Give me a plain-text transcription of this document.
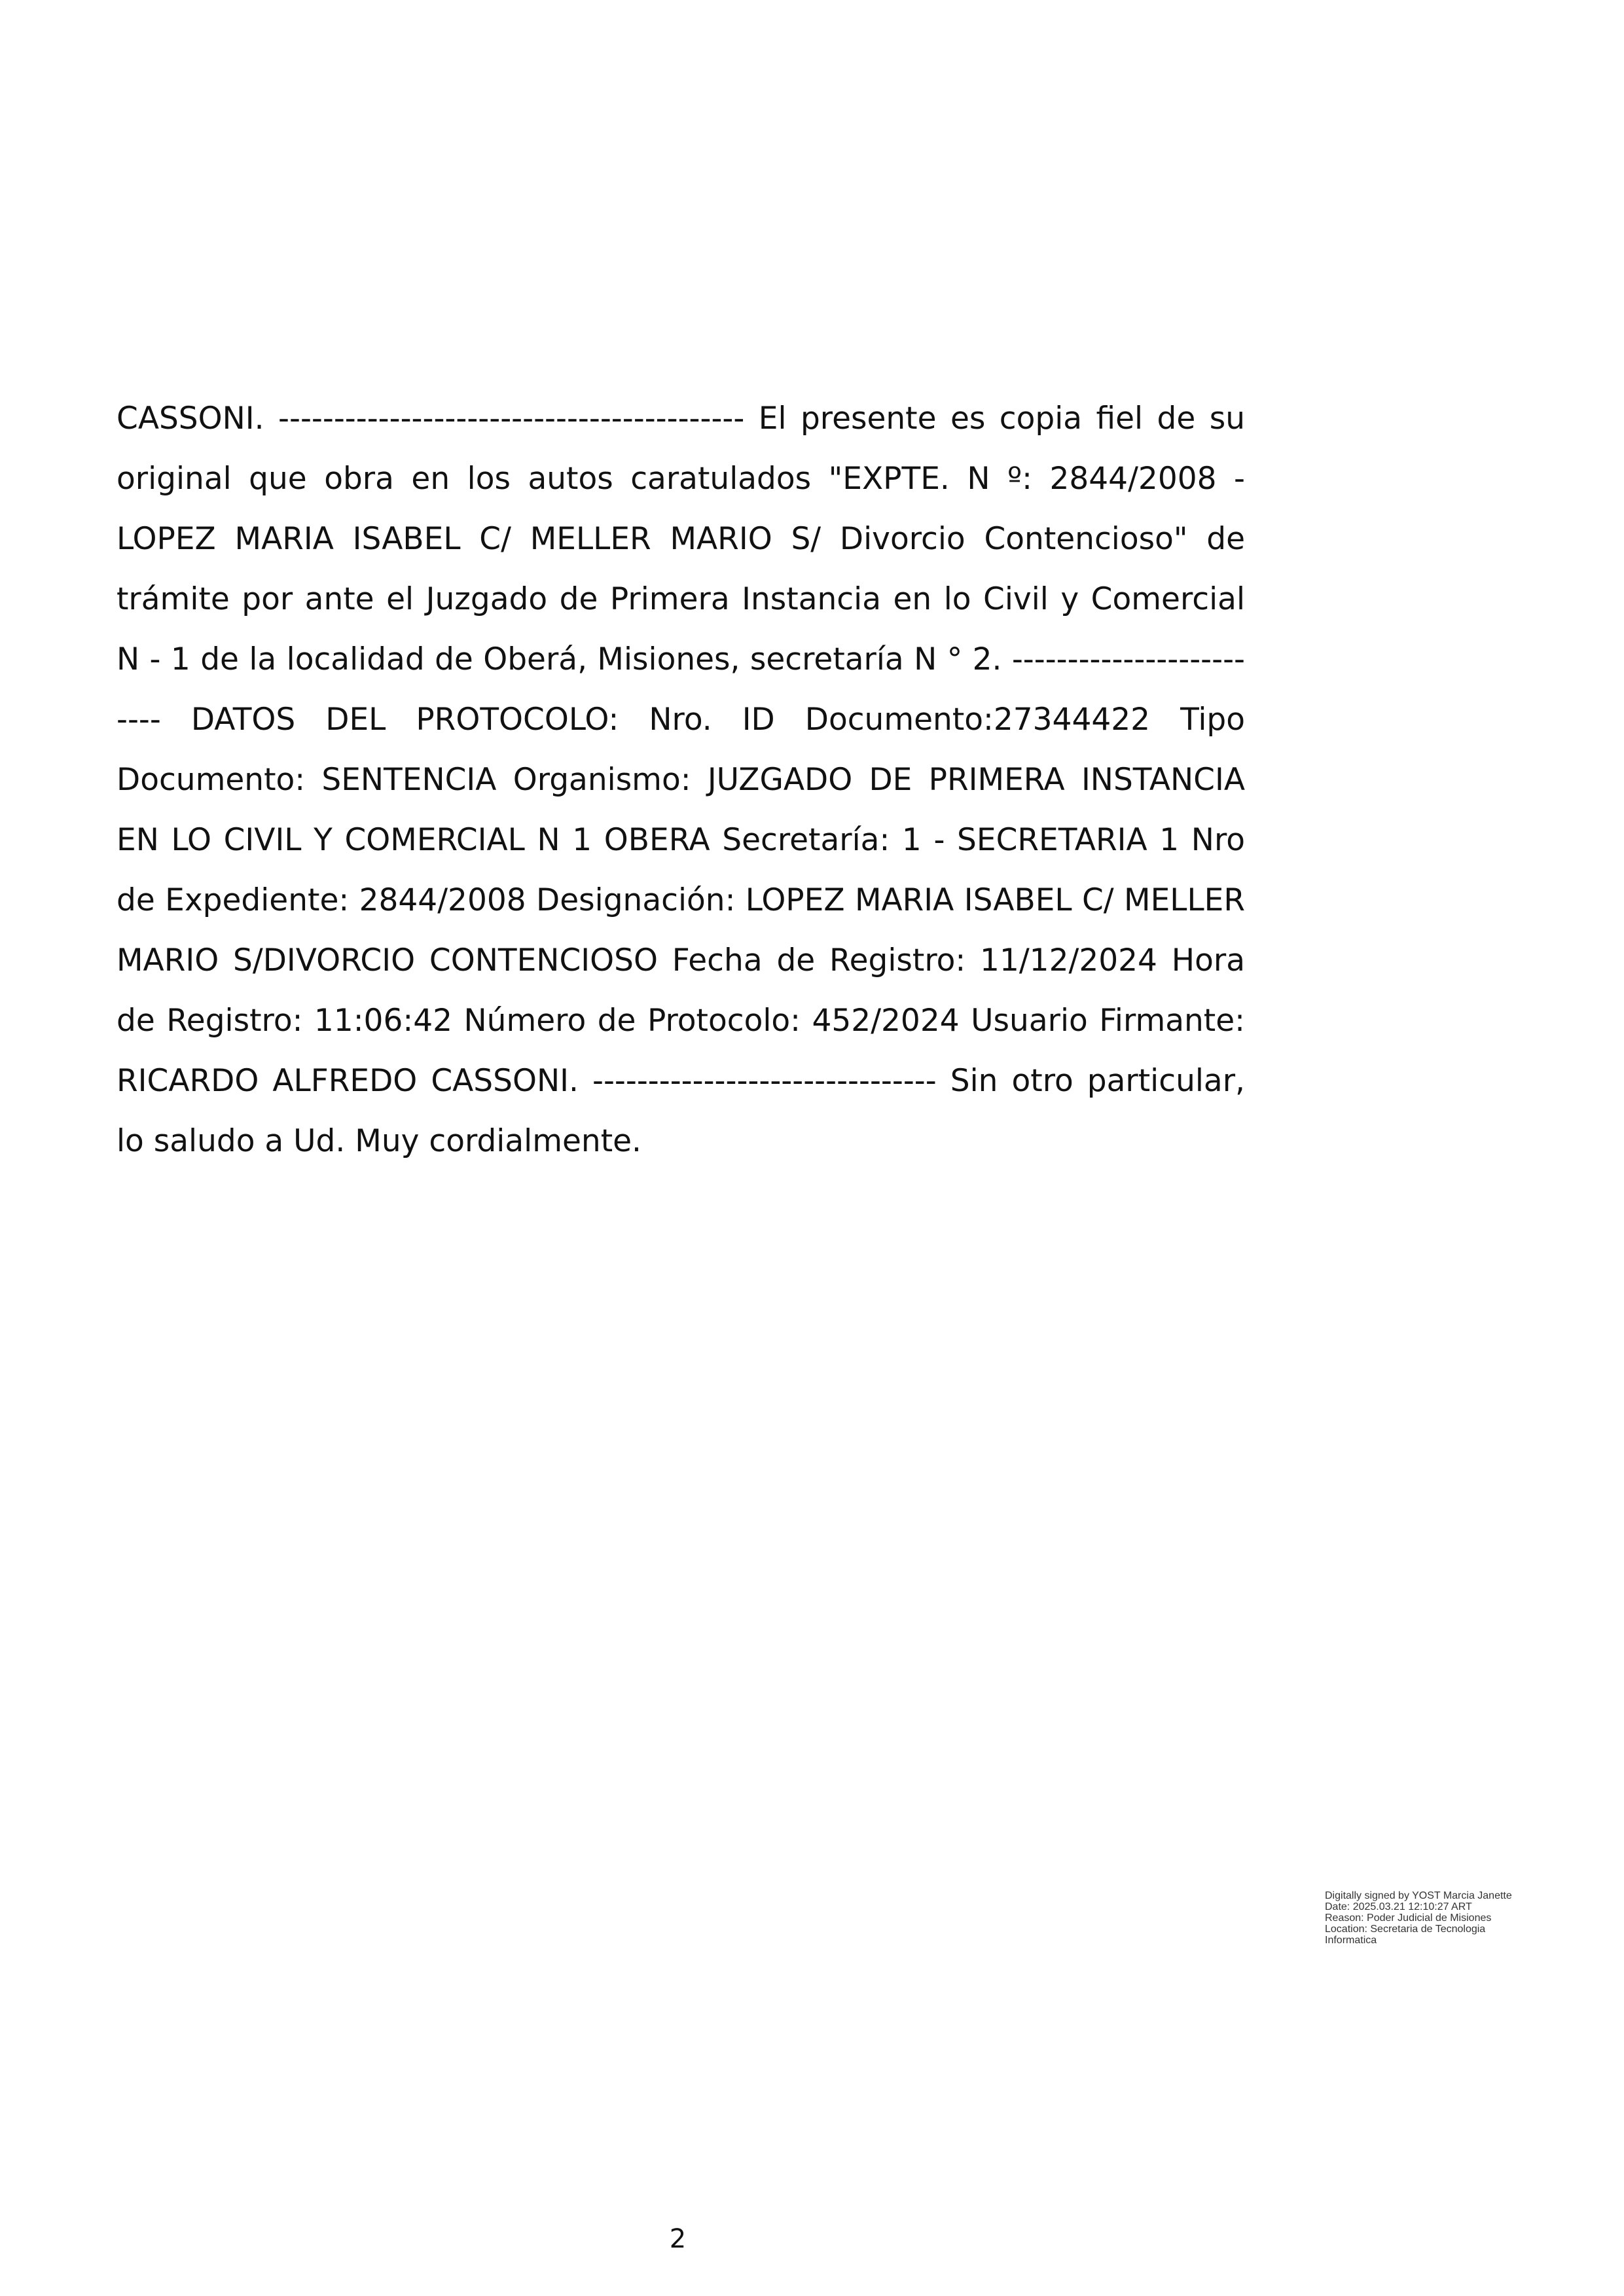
CASSONI. ------------------------------------------ El presente es copia fiel de su original que obra en los autos caratulados "EXPTE. N º: 2844/2008 - LOPEZ MARIA ISABEL C/ MELLER MARIO S/ Divorcio Contencioso" de trámite por ante el Juzgado de Primera Instancia en lo Civil y Comercial N - 1 de la localidad de Oberá, Misiones, secretaría N ° 2. ------------------------- DATOS DEL PROTOCOLO: Nro. ID Documento:27344422 Tipo Documento: SENTENCIA Organismo: JUZGADO DE PRIMERA INSTANCIA EN LO CIVIL Y COMERCIAL N 1 OBERA Secretaría: 1 - SECRETARIA 1 Nro de Expediente: 2844/2008 Designación: LOPEZ MARIA ISABEL C/ MELLER MARIO S/DIVORCIO CONTENCIOSO Fecha de Registro: 11/12/2024 Hora de Registro: 11:06:42 Número de Protocolo: 452/2024 Usuario Firmante: RICARDO ALFREDO CASSONI. ------------------------------- Sin otro particular, lo saludo a Ud. Muy cordialmente.

Digitally signed by YOST Marcia Janette
Date: 2025.03.21 12:10:27 ART
Reason: Poder Judicial de Misiones
Location: Secretaria de Tecnologia
Informatica
2
